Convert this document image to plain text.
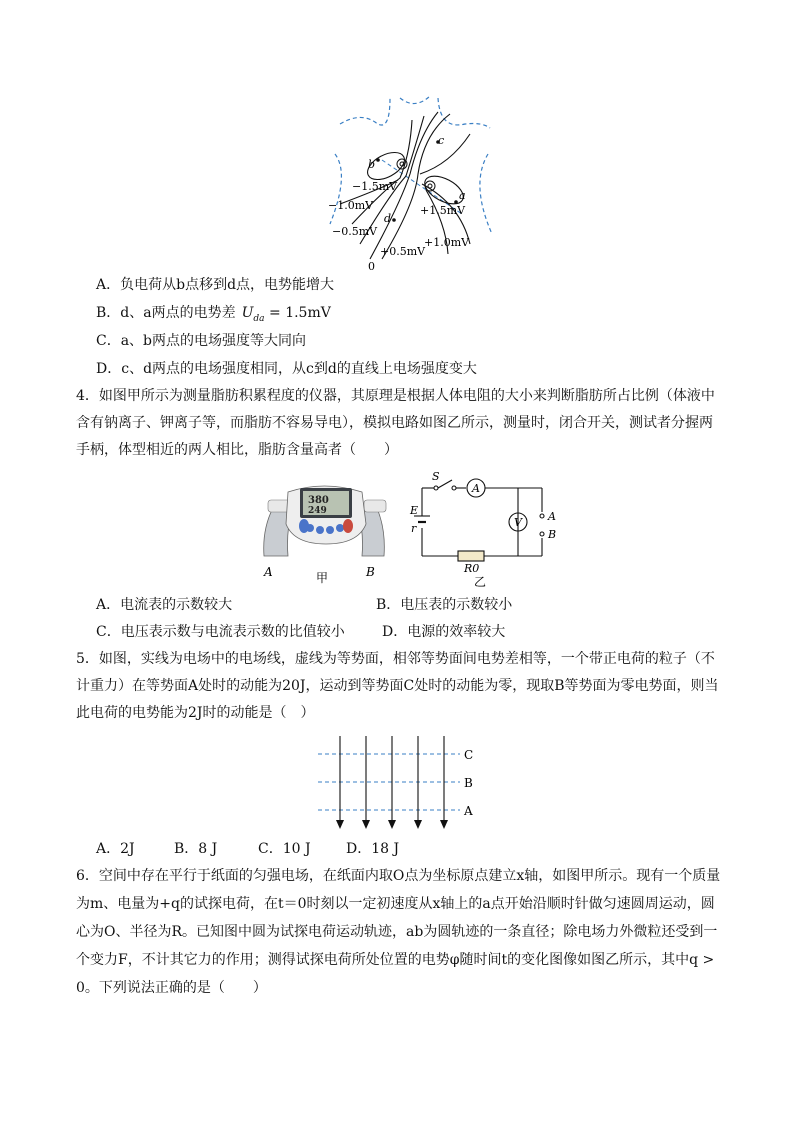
c
b
a
d
−1.5mV
−1.0mV
−0.5mV
+1.5mV
+1.0mV
+0.5mV
0
A．负电荷从b点移到d点，电势能增大
B．d、a两点的电势差 $U_{da} = 1.5mV$
C．a、b两点的电场强度等大同向
D．c、d两点的电场强度相同，从c到d的直线上电场强度变大
4．如图甲所示为测量脂肪积累程度的仪器，其原理是根据人体电阻的大小来判断脂肪所占比例（体液中含有钠离子、钾离子等，而脂肪不容易导电），模拟电路如图乙所示，测量时，闭合开关，测试者分握两手柄，体型相近的两人相比，脂肪含量高者（　　）
380
249
A	B
甲
S
A
V
E
r
R0
A
B
乙
A．电流表的示数较大	B．电压表的示数较小
C．电压表示数与电流表示数的比值较小	D．电源的效率较大
5．如图，实线为电场中的电场线，虚线为等势面，相邻等势面间电势差相等，一个带正电荷的粒子（不计重力）在等势面A处时的动能为20J，运动到等势面C处时的动能为零，现取B等势面为零电势面，则当此电荷的电势能为2J时的动能是（　）
C
B
A
A．2J	B．8 J	C．10 J	D．18 J
6．空间中存在平行于纸面的匀强电场，在纸面内取O点为坐标原点建立x轴，如图甲所示。现有一个质量为m、电量为+q的试探电荷，在t＝0时刻以一定初速度从x轴上的a点开始沿顺时针做匀速圆周运动，圆心为O、半径为R。已知图中圆为试探电荷运动轨迹，ab为圆轨迹的一条直径；除电场力外微粒还受到一个变力F，不计其它力的作用；测得试探电荷所处位置的电势φ随时间t的变化图像如图乙所示，其中q > 0。下列说法正确的是（　　）
